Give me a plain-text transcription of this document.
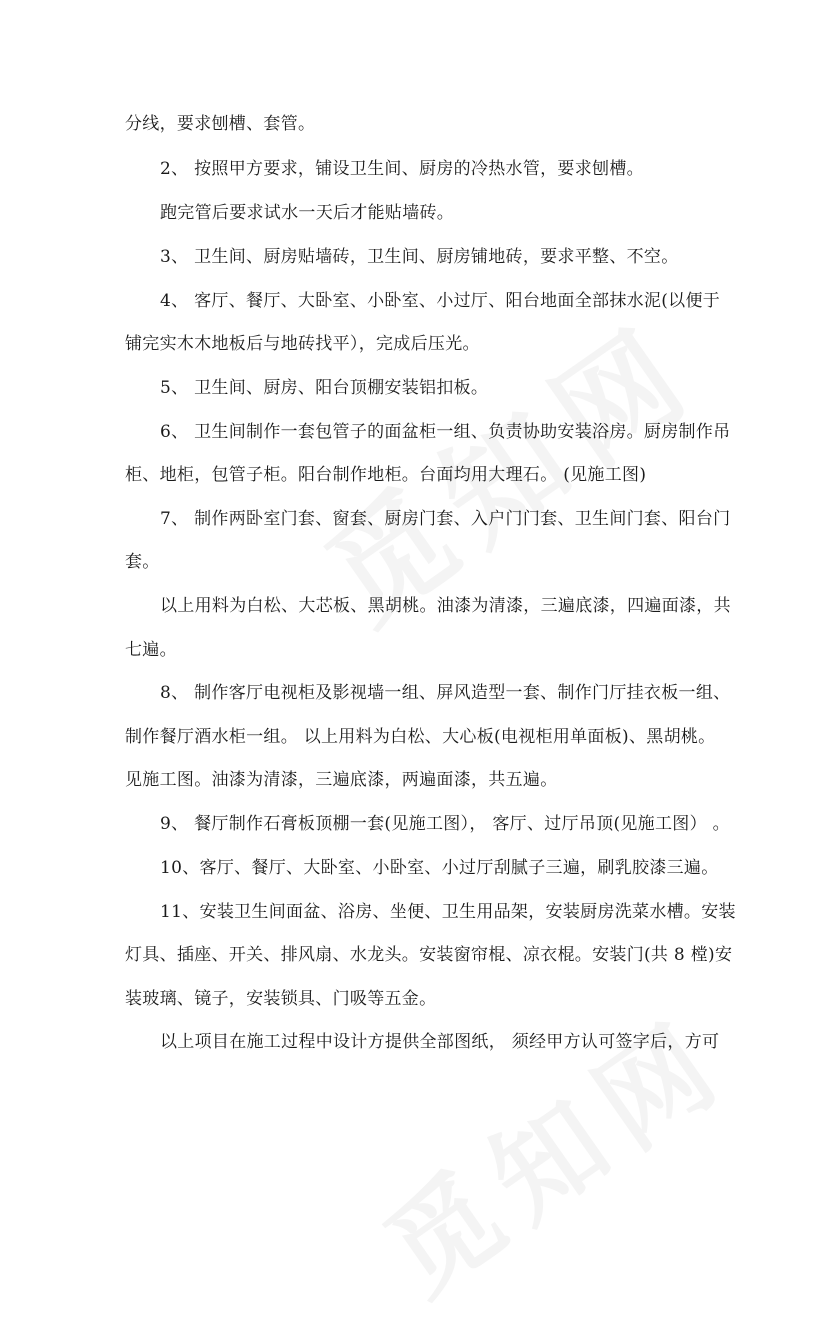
分线，要求刨槽、套管。
2、 按照甲方要求，铺设卫生间、厨房的冷热水管，要求刨槽。
跑完管后要求试水一天后才能贴墙砖。
3、 卫生间、厨房贴墙砖，卫生间、厨房铺地砖，要求平整、不空。
4、 客厅、餐厅、大卧室、小卧室、小过厅、阳台地面全部抹水泥(以便于
铺完实木木地板后与地砖找平），完成后压光。
5、 卫生间、厨房、阳台顶棚安装铝扣板。
6、 卫生间制作一套包管子的面盆柜一组、负责协助安装浴房。厨房制作吊
柜、地柜，包管子柜。阳台制作地柜。台面均用大理石。 (见施工图)
7、 制作两卧室门套、窗套、厨房门套、入户门门套、卫生间门套、阳台门
套。
以上用料为白松、大芯板、黑胡桃。油漆为清漆，三遍底漆，四遍面漆，共
七遍。
8、 制作客厅电视柜及影视墙一组、屏风造型一套、制作门厅挂衣板一组、
制作餐厅酒水柜一组。 以上用料为白松、大心板(电视柜用单面板)、黑胡桃。
见施工图。油漆为清漆，三遍底漆，两遍面漆，共五遍。
9、 餐厅制作石膏板顶棚一套(见施工图）， 客厅、过厅吊顶(见施工图） 。
10、客厅、餐厅、大卧室、小卧室、小过厅刮腻子三遍，刷乳胶漆三遍。
11、安装卫生间面盆、浴房、坐便、卫生用品架，安装厨房洗菜水槽。安装
灯具、插座、开关、排风扇、水龙头。安装窗帘棍、凉衣棍。安装门(共 8 樘)安
装玻璃、镜子，安装锁具、门吸等五金。
以上项目在施工过程中设计方提供全部图纸， 须经甲方认可签字后，方可
